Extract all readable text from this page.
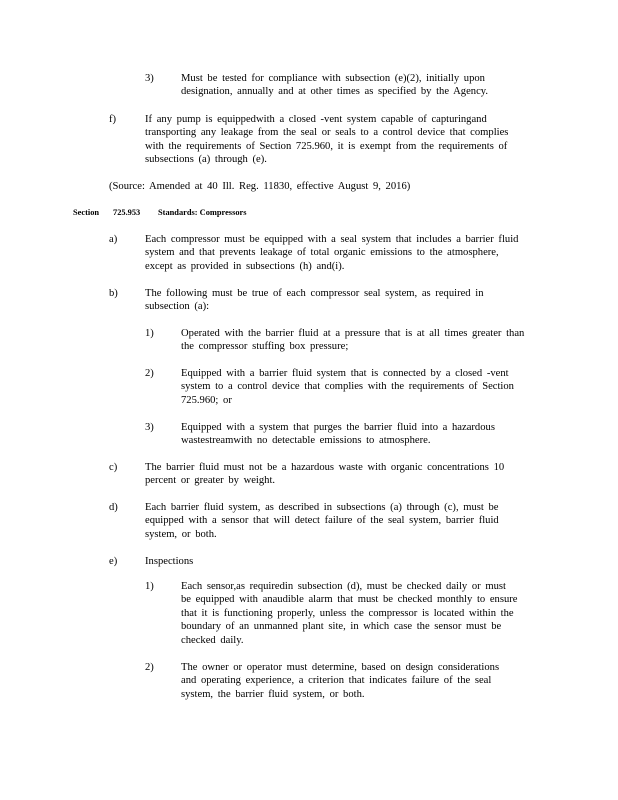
3)	Must be tested for compliance with subsection (e)(2), initially upon
designation, annually and at other times as specified by the Agency.
f)	If any pump is equippedwith a closed -vent system capable of capturingand
transporting any leakage from the seal or seals to a control device that complies
with the requirements of Section 725.960, it is exempt from the requirements of
subsections (a) through (e).
(Source: Amended at 40 Ill. Reg. 11830, effective August 9, 2016)
Section 725.953 Standards: Compressors
a)	Each compressor must be equipped with a seal system that includes a barrier fluid
system and that prevents leakage of total organic emissions to the atmosphere,
except as provided in subsections (h) and(i).
b)	The following must be true of each compressor seal system, as required in
subsection (a):
1)	Operated with the barrier fluid at a pressure that is at all times greater than
the compressor stuffing box pressure;
2)	Equipped with a barrier fluid system that is connected by a closed -vent
system to a control device that complies with the requirements of Section
725.960; or
3)	Equipped with a system that purges the barrier fluid into a hazardous
wastestreamwith no detectable emissions to atmosphere.
c)	The barrier fluid must not be a hazardous waste with organic concentrations 10
percent or greater by weight.
d)	Each barrier fluid system, as described in subsections (a) through (c), must be
equipped with a sensor that will detect failure of the seal system, barrier fluid
system, or both.
e)	Inspections
1)	Each sensor,as requiredin subsection (d), must be checked daily or must
be equipped with anaudible alarm that must be checked monthly to ensure
that it is functioning properly, unless the compressor is located within the
boundary of an unmanned plant site, in which case the sensor must be
checked daily.
2)	The owner or operator must determine, based on design considerations
and operating experience, a criterion that indicates failure of the seal
system, the barrier fluid system, or both.
